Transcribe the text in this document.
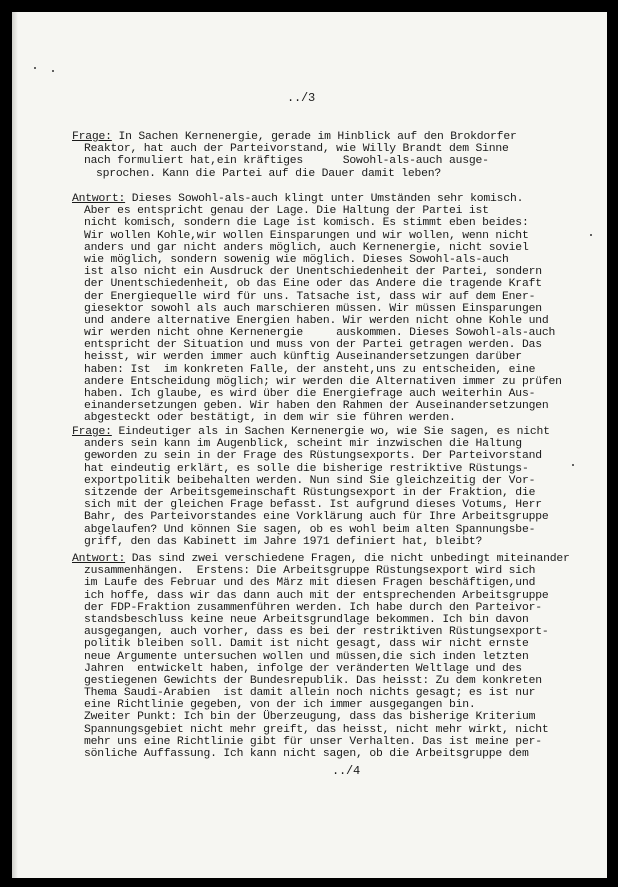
../3
Frage: In Sachen Kernenergie, gerade im Hinblick auf den Brokdorfer
Reaktor, hat auch der Parteivorstand, wie Willy Brandt dem Sinne
nach formuliert hat,ein kräftiges      Sowohl-als-auch ausge-
sprochen. Kann die Partei auf die Dauer damit leben?
Antwort: Dieses Sowohl-als-auch klingt unter Umständen sehr komisch.
Aber es entspricht genau der Lage. Die Haltung der Partei ist
nicht komisch, sondern die Lage ist komisch. Es stimmt eben beides:
Wir wollen Kohle,wir wollen Einsparungen und wir wollen, wenn nicht
anders und gar nicht anders möglich, auch Kernenergie, nicht soviel
wie möglich, sondern sowenig wie möglich. Dieses Sowohl-als-auch
ist also nicht ein Ausdruck der Unentschiedenheit der Partei, sondern
der Unentschiedenheit, ob das Eine oder das Andere die tragende Kraft
der Energiequelle wird für uns. Tatsache ist, dass wir auf dem Ener-
giesektor sowohl als auch marschieren müssen. Wir müssen Einsparungen
und andere alternative Energien haben. Wir werden nicht ohne Kohle und
wir werden nicht ohne Kernenergie     auskommen. Dieses Sowohl-als-auch
entspricht der Situation und muss von der Partei getragen werden. Das
heisst, wir werden immer auch künftig Auseinandersetzungen darüber
haben: Ist  im konkreten Falle, der ansteht,uns zu entscheiden, eine
andere Entscheidung möglich; wir werden die Alternativen immer zu prüfen
haben. Ich glaube, es wird über die Energiefrage auch weiterhin Aus-
einandersetzungen geben. Wir haben den Rahmen der Auseinandersetzungen
abgesteckt oder bestätigt, in dem wir sie führen werden.
Frage: Eindeutiger als in Sachen Kernenergie wo, wie Sie sagen, es nicht
anders sein kann im Augenblick, scheint mir inzwischen die Haltung
geworden zu sein in der Frage des Rüstungsexports. Der Parteivorstand
hat eindeutig erklärt, es solle die bisherige restriktive Rüstungs-
exportpolitik beibehalten werden. Nun sind Sie gleichzeitig der Vor-
sitzende der Arbeitsgemeinschaft Rüstungsexport in der Fraktion, die
sich mit der gleichen Frage befasst. Ist aufgrund dieses Votums, Herr
Bahr, des Parteivorstandes eine Vorklärung auch für Ihre Arbeitsgruppe
abgelaufen? Und können Sie sagen, ob es wohl beim alten Spannungsbe-
griff, den das Kabinett im Jahre 1971 definiert hat, bleibt?
Antwort: Das sind zwei verschiedene Fragen, die nicht unbedingt miteinander
zusammenhängen.  Erstens: Die Arbeitsgruppe Rüstungsexport wird sich
im Laufe des Februar und des März mit diesen Fragen beschäftigen,und
ich hoffe, dass wir das dann auch mit der entsprechenden Arbeitsgruppe
der FDP-Fraktion zusammenführen werden. Ich habe durch den Parteivor-
standsbeschluss keine neue Arbeitsgrundlage bekommen. Ich bin davon
ausgegangen, auch vorher, dass es bei der restriktiven Rüstungsexport-
politik bleiben soll. Damit ist nicht gesagt, dass wir nicht ernste
neue Argumente untersuchen wollen und müssen,die sich inden letzten
Jahren  entwickelt haben, infolge der veränderten Weltlage und des
gestiegenen Gewichts der Bundesrepublik. Das heisst: Zu dem konkreten
Thema Saudi-Arabien  ist damit allein noch nichts gesagt; es ist nur
eine Richtlinie gegeben, von der ich immer ausgegangen bin.
Zweiter Punkt: Ich bin der Überzeugung, dass das bisherige Kriterium
Spannungsgebiet nicht mehr greift, das heisst, nicht mehr wirkt, nicht
mehr uns eine Richtlinie gibt für unser Verhalten. Das ist meine per-
sönliche Auffassung. Ich kann nicht sagen, ob die Arbeitsgruppe dem
../4
